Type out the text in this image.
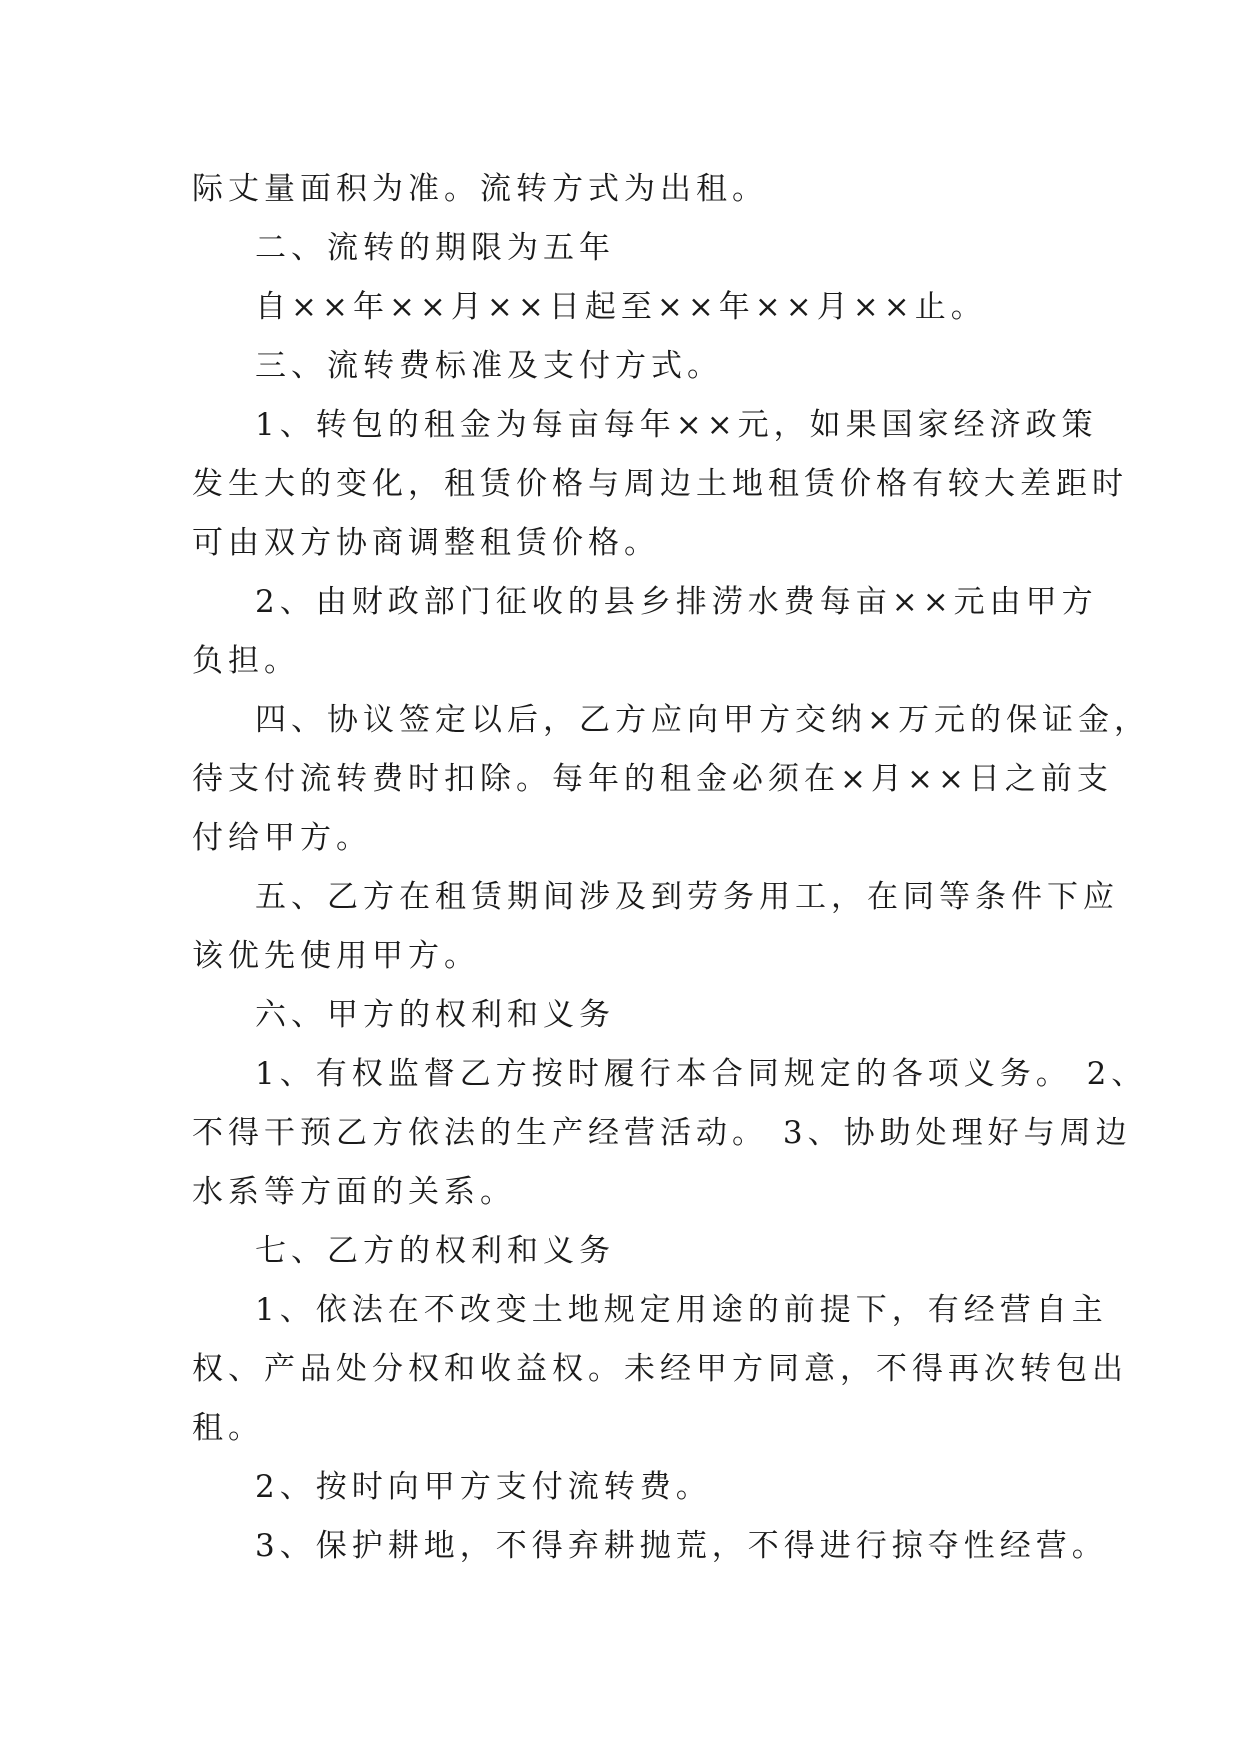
际丈量面积为准。流转方式为出租。
二、流转的期限为五年
自××年××月××日起至××年××月××止。
三、流转费标准及支付方式。
1、转包的租金为每亩每年××元，如果国家经济政策
发生大的变化，租赁价格与周边土地租赁价格有较大差距时
可由双方协商调整租赁价格。
2、由财政部门征收的县乡排涝水费每亩××元由甲方
负担。
四、协议签定以后，乙方应向甲方交纳×万元的保证金，
待支付流转费时扣除。每年的租金必须在×月××日之前支
付给甲方。
五、乙方在租赁期间涉及到劳务用工，在同等条件下应
该优先使用甲方。
六、甲方的权利和义务
1、有权监督乙方按时履行本合同规定的各项义务。 2、
不得干预乙方依法的生产经营活动。 3、协助处理好与周边
水系等方面的关系。
七、乙方的权利和义务
1、依法在不改变土地规定用途的前提下，有经营自主
权、产品处分权和收益权。未经甲方同意，不得再次转包出
租。
2、按时向甲方支付流转费。
3、保护耕地，不得弃耕抛荒，不得进行掠夺性经营。
